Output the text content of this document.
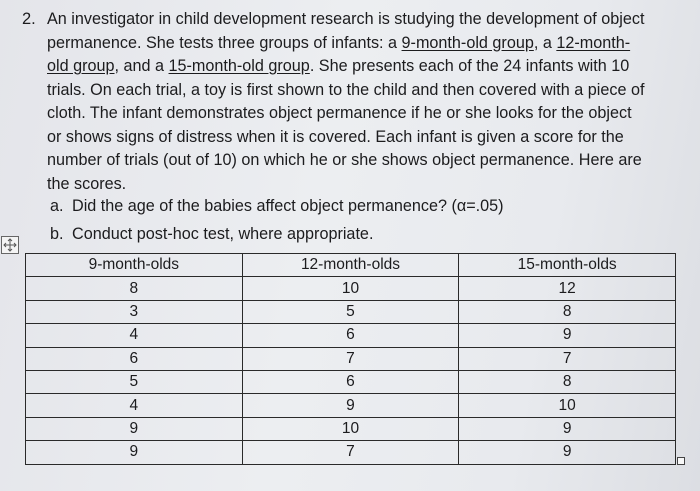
2. An investigator in child development research is studying the development of object
permanence. She tests three groups of infants: a 9-month-old group, a 12-month-
old group, and a 15-month-old group. She presents each of the 24 infants with 10
trials. On each trial, a toy is first shown to the child and then covered with a piece of
cloth. The infant demonstrates object permanence if he or she looks for the object
or shows signs of distress when it is covered. Each infant is given a score for the
number of trials (out of 10) on which he or she shows object permanence. Here are
the scores.
a. Did the age of the babies affect object permanence? (α=.05)
b. Conduct post-hoc test, where appropriate.
9-month-olds	12-month-olds	15-month-olds
8	10	12
3	5	8
4	6	9
6	7	7
5	6	8
4	9	10
9	10	9
9	7	9
